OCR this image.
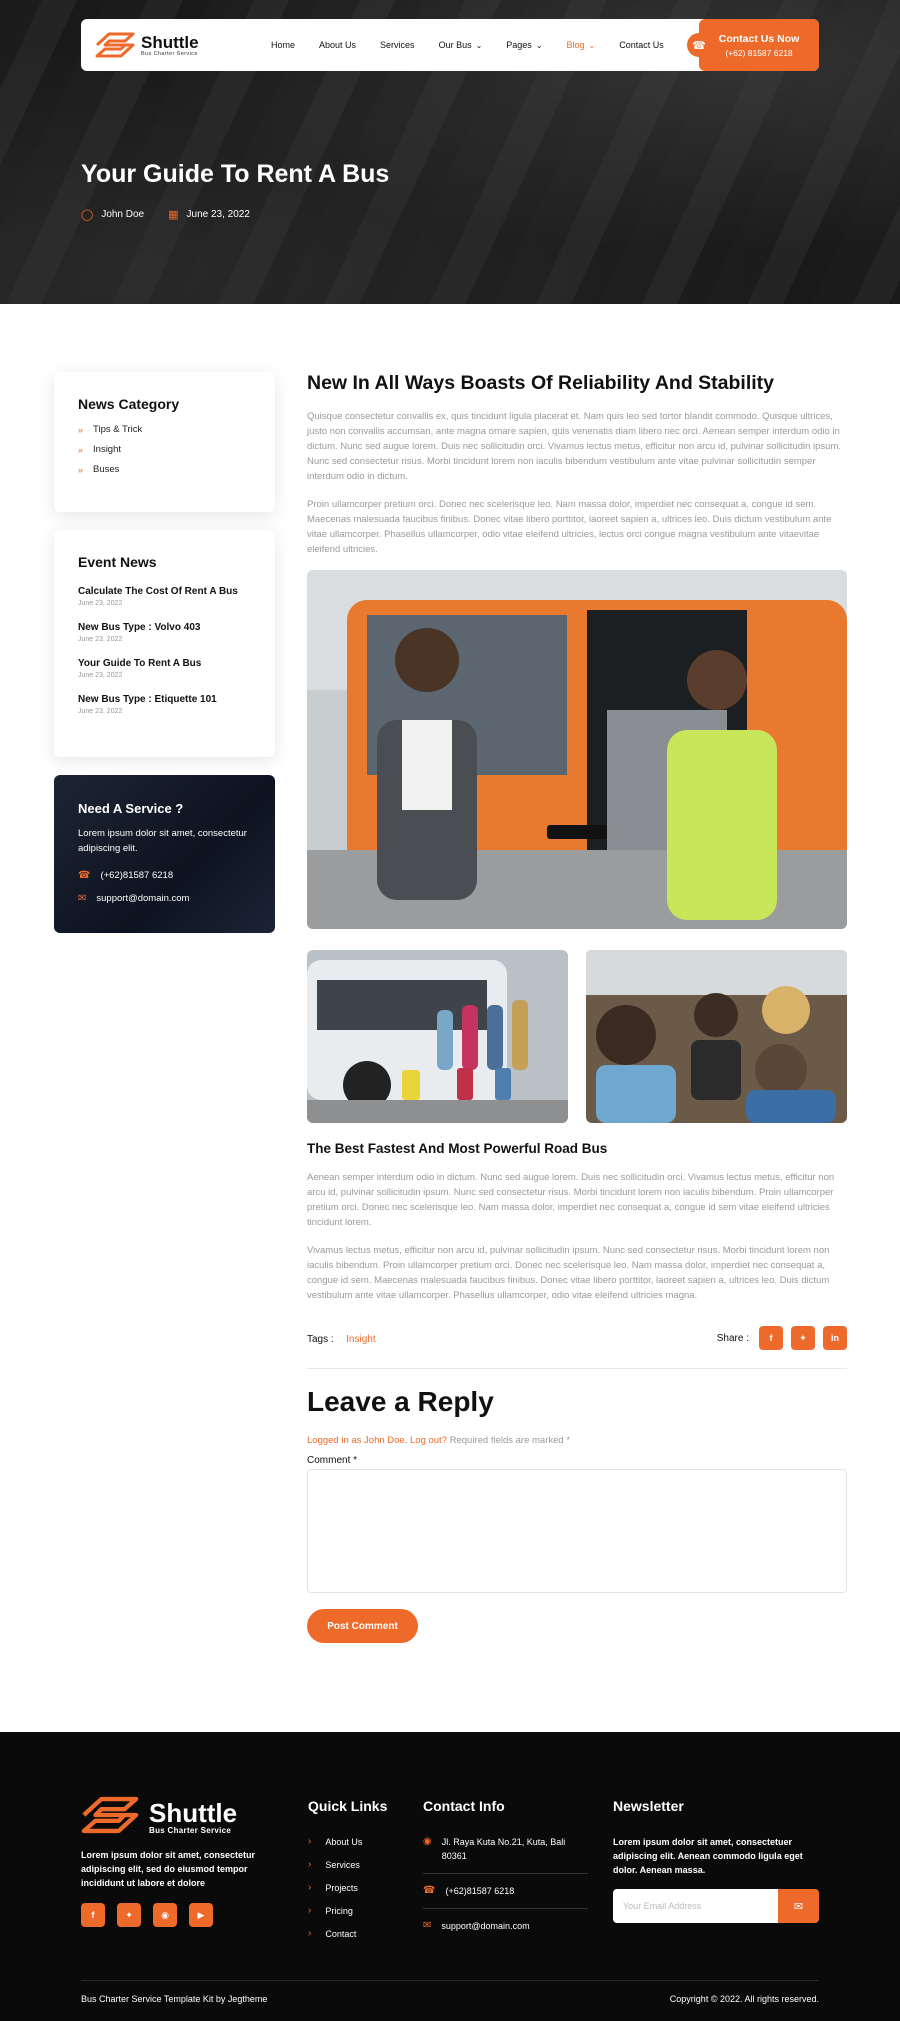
Shuttle
Bus Charter Service
Home	About Us	Services	Our Bus ⌄	Pages ⌄	Blog ⌄	Contact Us	☎
Contact Us Now
(+62) 81587 6218
Your Guide To Rent A Bus
◯ John Doe ▦ June 23, 2022
News Category
» Tips & Trick
» Insight
» Buses
Event News
Calculate The Cost Of Rent A Bus
June 23, 2022
New Bus Type : Volvo 403
June 23, 2022
Your Guide To Rent A Bus
June 23, 2022
New Bus Type : Etiquette 101
June 23, 2022
Need A Service ?

Lorem ipsum dolor sit amet, consectetur adipiscing elit.

☎ (+62)81587 6218
✉ support@domain.com
New In All Ways Boasts Of Reliability And Stability

Quisque consectetur convallis ex, quis tincidunt ligula placerat et. Nam quis leo sed tortor blandit commodo. Quisque ultrices, justo non convallis accumsan, ante magna ornare sapien, quis venenatis diam libero nec orci. Aenean semper interdum odio in dictum. Nunc sed augue lorem. Duis nec sollicitudin orci. Vivamus lectus metus, efficitur non arcu id, pulvinar sollicitudin ipsum. Nunc sed consectetur risus. Morbi tincidunt lorem non iaculis bibendum vestibulum ante vitae pulvinar sollicitudin semper interdum odio in dictum.

Proin ullamcorper pretium orci. Donec nec scelerisque leo. Nam massa dolor, imperdiet nec consequat a, congue id sem. Maecenas malesuada faucibus finibus. Donec vitae libero porttitor, laoreet sapien a, ultrices leo. Duis dictum vestibulum ante vitae ullamcorper. Phasellus ullamcorper, odio vitae eleifend ultricies, lectus orci congue magna vestibulum ante vitaevitae eleifend ultricies.

The Best Fastest And Most Powerful Road Bus

Aenean semper interdum odio in dictum. Nunc sed augue lorem. Duis nec sollicitudin orci. Vivamus lectus metus, efficitur non arcu id, pulvinar sollicitudin ipsum. Nunc sed consectetur risus. Morbi tincidunt lorem non iaculis bibendum. Proin ullamcorper pretium orci. Donec nec scelerisque leo. Nam massa dolor, imperdiet nec consequat a, congue id sem vitae eleifend ultricies tincidunt lorem.

Vivamus lectus metus, efficitur non arcu id, pulvinar sollicitudin ipsum. Nunc sed consectetur risus. Morbi tincidunt lorem non iaculis bibendum. Proin ullamcorper pretium orci. Donec nec scelerisque leo. Nam massa dolor, imperdiet nec consequat a, congue id sem. Maecenas malesuada faucibus finibus. Donec vitae libero porttitor, laoreet sapien a, ultrices leo. Duis dictum vestibulum ante vitae ullamcorper. Phasellus ullamcorper, odio vitae eleifend ultricies magna.

Tags : Insight	Share :	f	✦	in
Leave a Reply

Logged in as John Doe. Log out? Required fields are marked *

Comment *
Post Comment
Shuttle
Bus Charter Service

Lorem ipsum dolor sit amet, consectetur adipiscing elit, sed do eiusmod tempor incididunt ut labore et dolore

f	✦	◉	▶
Quick Links
› About Us
› Services
› Projects
› Pricing
› Contact
Contact Info
◉ Jl. Raya Kuta No.21, Kuta, Bali 80361
☎ (+62)81587 6218
✉ support@domain.com
Newsletter

Lorem ipsum dolor sit amet, consectetuer adipiscing elit. Aenean commodo ligula eget dolor. Aenean massa.

Your Email Address
✉
Bus Charter Service Template Kit by Jegtheme	Copyright © 2022. All rights reserved.
